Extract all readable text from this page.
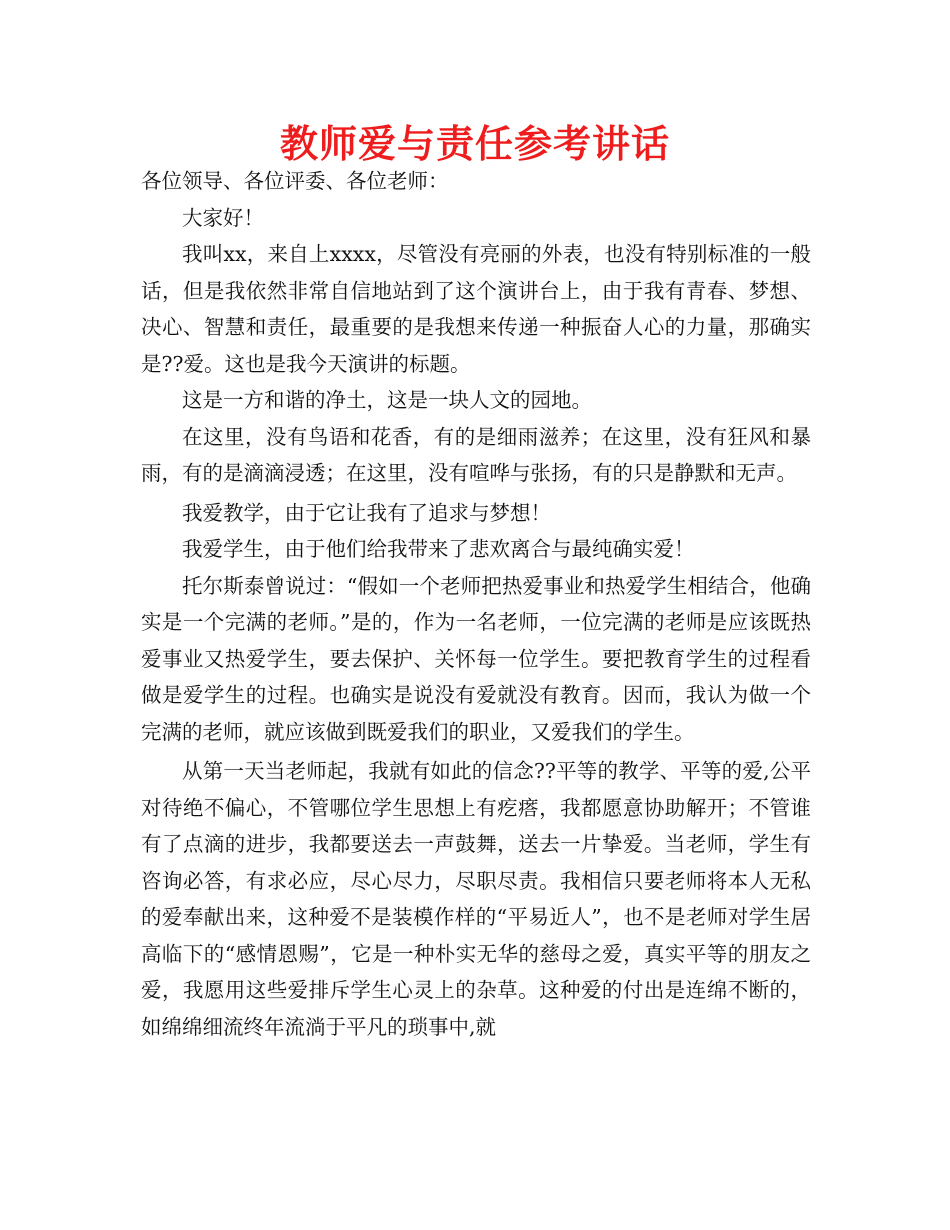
教师爱与责任参考讲话

各位领导、各位评委、各位老师：

大家好！

我叫xx，来自上xxxx，尽管没有亮丽的外表，也没有特别标准的一般话，但是我依然非常自信地站到了这个演讲台上，由于我有青春、梦想、决心、智慧和责任，最重要的是我想来传递一种振奋人心的力量，那确实是??爱。这也是我今天演讲的标题。

这是一方和谐的净土，这是一块人文的园地。

在这里，没有鸟语和花香，有的是细雨滋养；在这里，没有狂风和暴雨，有的是滴滴浸透；在这里，没有喧哗与张扬，有的只是静默和无声。

我爱教学，由于它让我有了追求与梦想！

我爱学生，由于他们给我带来了悲欢离合与最纯确实爱！

托尔斯泰曾说过：“假如一个老师把热爱事业和热爱学生相结合，他确实是一个完满的老师。”是的，作为一名老师，一位完满的老师是应该既热爱事业又热爱学生，要去保护、关怀每一位学生。要把教育学生的过程看做是爱学生的过程。也确实是说没有爱就没有教育。因而，我认为做一个完满的老师，就应该做到既爱我们的职业，又爱我们的学生。

从第一天当老师起，我就有如此的信念??平等的教学、平等的爱,公平对待绝不偏心，不管哪位学生思想上有疙瘩，我都愿意协助解开；不管谁有了点滴的进步，我都要送去一声鼓舞，送去一片挚爱。当老师，学生有咨询必答，有求必应，尽心尽力，尽职尽责。我相信只要老师将本人无私的爱奉献出来，这种爱不是装模作样的“平易近人”，也不是老师对学生居高临下的“感情恩赐”，它是一种朴实无华的慈母之爱，真实平等的朋友之爱，我愿用这些爱排斥学生心灵上的杂草。这种爱的付出是连绵不断的，如绵绵细流终年流淌于平凡的琐事中,就
